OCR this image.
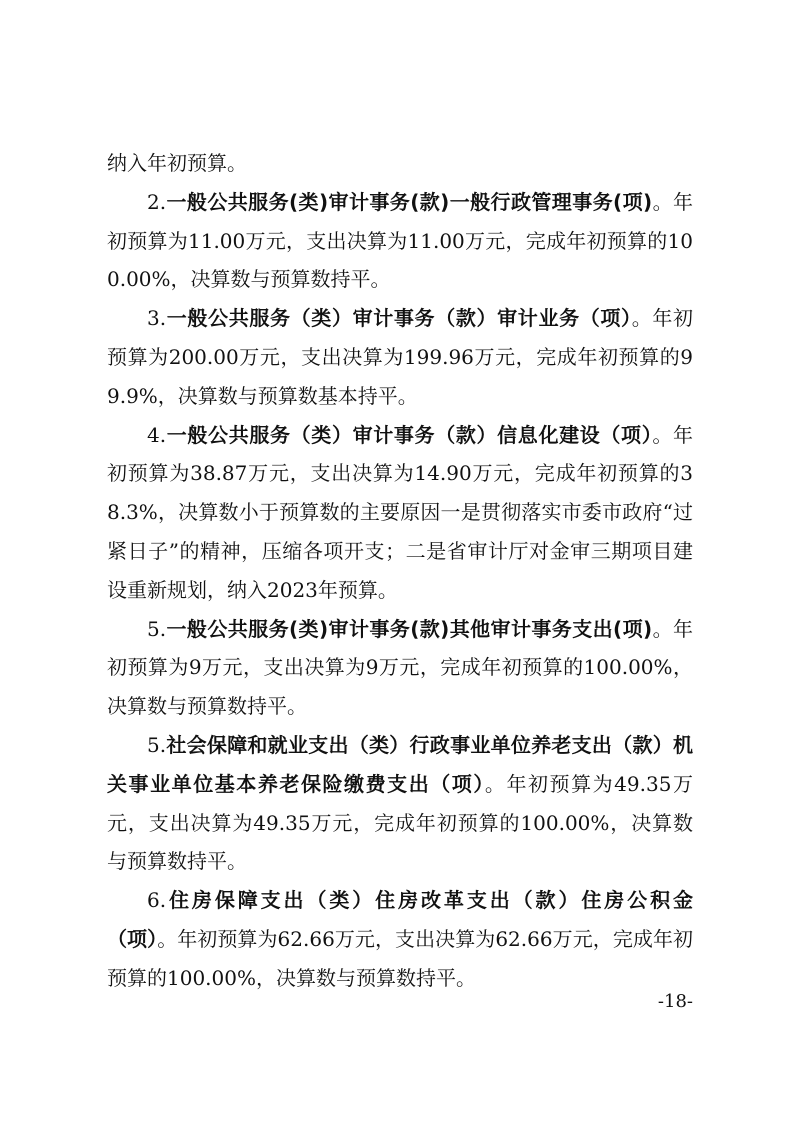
纳入年初预算。

2.一般公共服务(类)审计事务(款)一般行政管理事务(项)。年初预算为11.00万元，支出决算为11.00万元，完成年初预算的100.00%，决算数与预算数持平。

3.一般公共服务（类）审计事务（款）审计业务（项）。年初预算为200.00万元，支出决算为199.96万元，完成年初预算的99.9%，决算数与预算数基本持平。

4.一般公共服务（类）审计事务（款）信息化建设（项）。年初预算为38.87万元，支出决算为14.90万元，完成年初预算的38.3%，决算数小于预算数的主要原因一是贯彻落实市委市政府“过紧日子”的精神，压缩各项开支；二是省审计厅对金审三期项目建设重新规划，纳入2023年预算。

5.一般公共服务(类)审计事务(款)其他审计事务支出(项)。年初预算为9万元，支出决算为9万元，完成年初预算的100.00%，决算数与预算数持平。

5.社会保障和就业支出（类）行政事业单位养老支出（款）机关事业单位基本养老保险缴费支出（项）。年初预算为49.35万元，支出决算为49.35万元，完成年初预算的100.00%，决算数与预算数持平。

6.住房保障支出（类）住房改革支出（款）住房公积金（项）。年初预算为62.66万元，支出决算为62.66万元，完成年初预算的100.00%，决算数与预算数持平。

-18-
